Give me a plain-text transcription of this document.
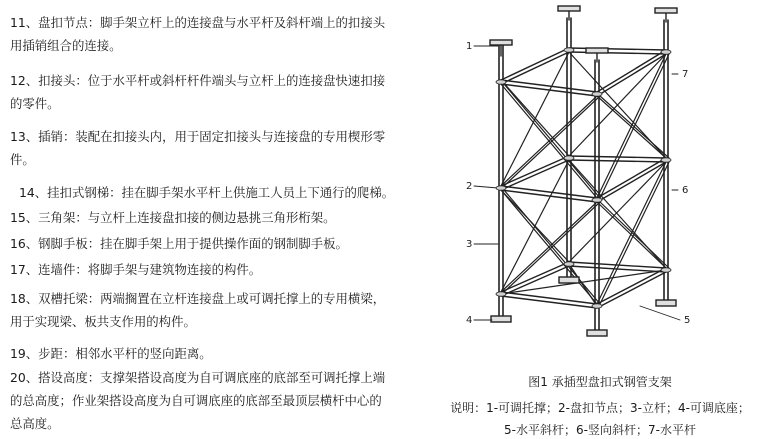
11、盘扣节点：脚手架立杆上的连接盘与水平杆及斜杆端上的扣接头
用插销组合的连接。
12、扣接头：位于水平杆或斜杆杆件端头与立杆上的连接盘快速扣接
的零件。
13、插销：装配在扣接头内，用于固定扣接头与连接盘的专用楔形零
件。
14、挂扣式钢梯：挂在脚手架水平杆上供施工人员上下通行的爬梯。
15、三角架：与立杆上连接盘扣接的侧边悬挑三角形桁架。
16、钢脚手板：挂在脚手架上用于提供操作面的钢制脚手板。
17、连墙件：将脚手架与建筑物连接的构件。
18、双槽托梁：两端搁置在立杆连接盘上或可调托撑上的专用横梁，
用于实现梁、板共支作用的构件。
19、步距：相邻水平杆的竖向距离。
20、搭设高度：支撑架搭设高度为自可调底座的底部至可调托撑上端
的总高度；作业架搭设高度为自可调底座的底部至最顶层横杆中心的
总高度。
1
2
3
4	5
6
7
图1 承插型盘扣式钢管支架
说明：1-可调托撑；2-盘扣节点；3-立杆；4-可调底座；
5-水平斜杆；6-竖向斜杆；7-水平杆
